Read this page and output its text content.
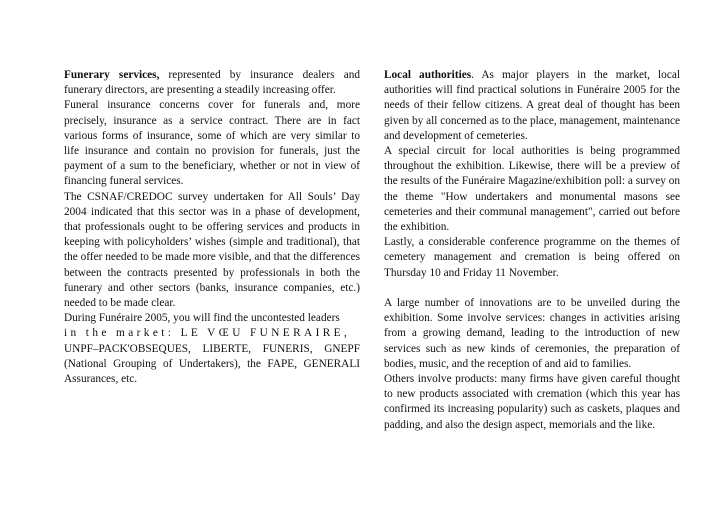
Funerary services, represented by insurance dealers and funerary directors, are presenting a steadily increasing offer.

Funeral insurance concerns cover for funerals and, more precisely, insurance as a service contract. There are in fact various forms of insurance, some of which are very similar to life insurance and contain no provision for funerals, just the payment of a sum to the beneficiary, whether or not in view of financing funeral services.

The CSNAF/CREDOC survey undertaken for All Souls’ Day 2004 indicated that this sector was in a phase of development, that professionals ought to be offering services and products in keeping with policyholders’ wishes (simple and traditional), that the offer needed to be made more visible, and that the differences between the contracts presented by professionals in both the funerary and other sectors (banks, insurance companies, etc.) needed to be made clear.

During Funéraire 2005, you will find the uncontested leaders
in the market: LE VŒU FUNERAIRE,
UNPF–PACK'OBSEQUES, LIBERTE, FUNERIS, GNEPF (National Grouping of Undertakers), the FAPE, GENERALI Assurances, etc.

Local authorities. As major players in the market, local authorities will find practical solutions in Funéraire 2005 for the needs of their fellow citizens. A great deal of thought has been given by all concerned as to the place, management, maintenance and development of cemeteries.

A special circuit for local authorities is being programmed throughout the exhibition. Likewise, there will be a preview of the results of the Funéraire Magazine/exhibition poll: a survey on the theme "How undertakers and monumental masons see cemeteries and their communal management", carried out before the exhibition.

Lastly, a considerable conference programme on the themes of cemetery management and cremation is being offered on Thursday 10 and Friday 11 November.

A large number of innovations are to be unveiled during the exhibition. Some involve services: changes in activities arising from a growing demand, leading to the introduction of new services such as new kinds of ceremonies, the preparation of bodies, music, and the reception of and aid to families.

Others involve products: many firms have given careful thought to new products associated with cremation (which this year has confirmed its increasing popularity) such as caskets, plaques and padding, and also the design aspect, memorials and the like.
